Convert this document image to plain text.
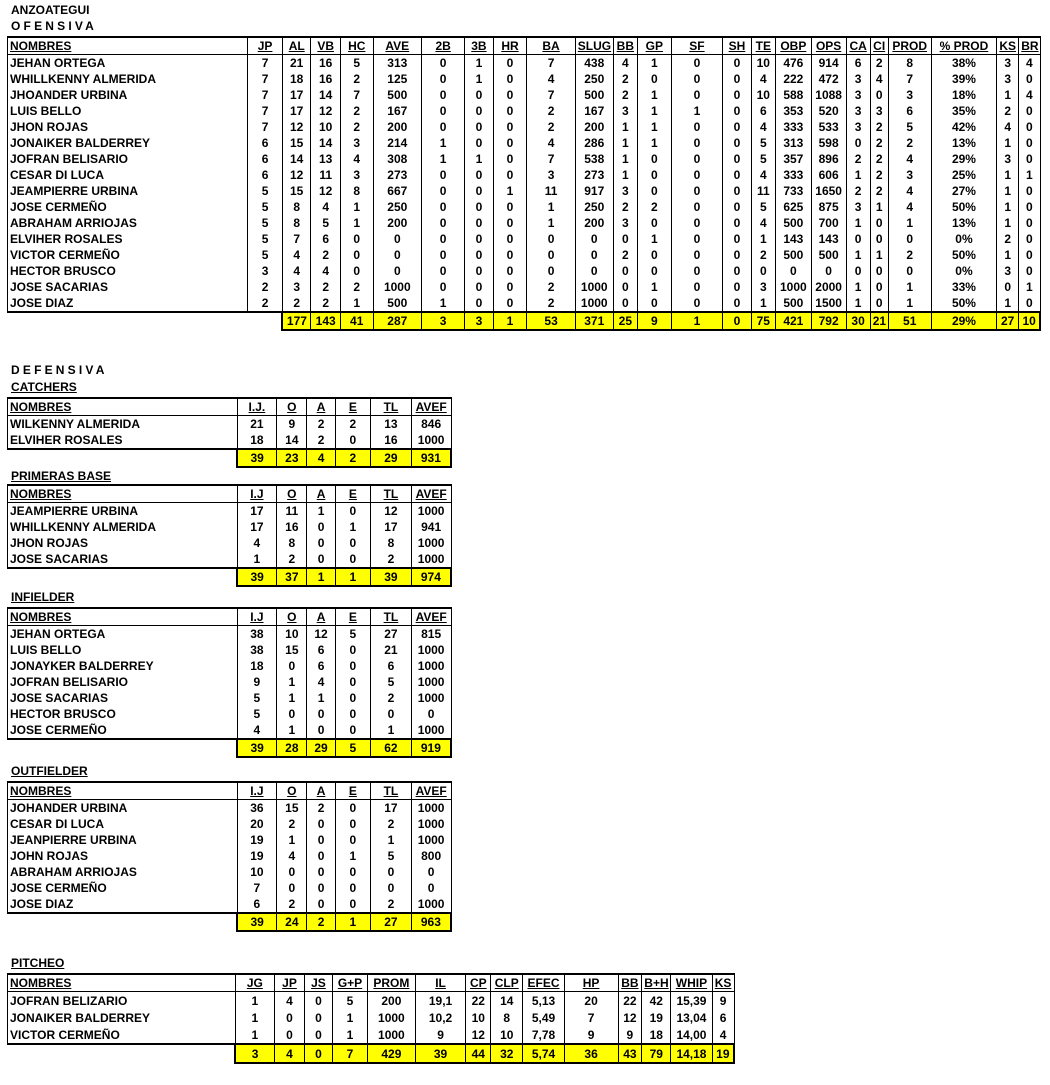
ANZOATEGUI
OFENSIVA
NOMBRES	JP	AL	VB	HC	AVE	2B	3B	HR	BA	SLUG	BB	GP	SF	SH	TE	OBP	OPS	CA	CI	PROD	% PROD	KS	BR
JEHAN ORTEGA	7	21	16	5	313	0	1	0	7	438	4	1	0	0	10	476	914	6	2	8	38%	3	4
WHILLKENNY ALMERIDA	7	18	16	2	125	0	1	0	4	250	2	0	0	0	4	222	472	3	4	7	39%	3	0
JHOANDER URBINA	7	17	14	7	500	0	0	0	7	500	2	1	0	0	10	588	1088	3	0	3	18%	1	4
LUIS BELLO	7	17	12	2	167	0	0	0	2	167	3	1	1	0	6	353	520	3	3	6	35%	2	0
JHON ROJAS	7	12	10	2	200	0	0	0	2	200	1	1	0	0	4	333	533	3	2	5	42%	4	0
JONAIKER BALDERREY	6	15	14	3	214	1	0	0	4	286	1	1	0	0	5	313	598	0	2	2	13%	1	0
JOFRAN BELISARIO	6	14	13	4	308	1	1	0	7	538	1	0	0	0	5	357	896	2	2	4	29%	3	0
CESAR DI LUCA	6	12	11	3	273	0	0	0	3	273	1	0	0	0	4	333	606	1	2	3	25%	1	1
JEAMPIERRE URBINA	5	15	12	8	667	0	0	1	11	917	3	0	0	0	11	733	1650	2	2	4	27%	1	0
JOSE CERMEÑO	5	8	4	1	250	0	0	0	1	250	2	2	0	0	5	625	875	3	1	4	50%	1	0
ABRAHAM ARRIOJAS	5	8	5	1	200	0	0	0	1	200	3	0	0	0	4	500	700	1	0	1	13%	1	0
ELVIHER ROSALES	5	7	6	0	0	0	0	0	0	0	0	1	0	0	1	143	143	0	0	0	0%	2	0
VICTOR CERMEÑO	5	4	2	0	0	0	0	0	0	0	2	0	0	0	2	500	500	1	1	2	50%	1	0
HECTOR BRUSCO	3	4	4	0	0	0	0	0	0	0	0	0	0	0	0	0	0	0	0	0	0%	3	0
JOSE SACARIAS	2	3	2	2	1000	0	0	0	2	1000	0	1	0	0	3	1000	2000	1	0	1	33%	0	1
JOSE DIAZ	2	2	2	1	500	1	0	0	2	1000	0	0	0	0	1	500	1500	1	0	1	50%	1	0
		177	143	41	287	3	3	1	53	371	25	9	1	0	75	421	792	30	21	51	29%	27	10
DEFENSIVA
CATCHERS
NOMBRES	I.J.	O	A	E	TL	AVEF
WILKENNY ALMERIDA	21	9	2	2	13	846
ELVIHER ROSALES	18	14	2	0	16	1000
	39	23	4	2	29	931
PRIMERAS BASE
NOMBRES	I.J	O	A	E	TL	AVEF
JEAMPIERRE URBINA	17	11	1	0	12	1000
WHILLKENNY ALMERIDA	17	16	0	1	17	941
JHON ROJAS	4	8	0	0	8	1000
JOSE SACARIAS	1	2	0	0	2	1000
	39	37	1	1	39	974
INFIELDER
NOMBRES	I.J	O	A	E	TL	AVEF
JEHAN ORTEGA	38	10	12	5	27	815
LUIS BELLO	38	15	6	0	21	1000
JONAYKER BALDERREY	18	0	6	0	6	1000
JOFRAN BELISARIO	9	1	4	0	5	1000
JOSE SACARIAS	5	1	1	0	2	1000
HECTOR BRUSCO	5	0	0	0	0	0
JOSE CERMEÑO	4	1	0	0	1	1000
	39	28	29	5	62	919
OUTFIELDER
NOMBRES	I.J	O	A	E	TL	AVEF
JOHANDER URBINA	36	15	2	0	17	1000
CESAR DI LUCA	20	2	0	0	2	1000
JEANPIERRE URBINA	19	1	0	0	1	1000
JOHN ROJAS	19	4	0	1	5	800
ABRAHAM ARRIOJAS	10	0	0	0	0	0
JOSE CERMEÑO	7	0	0	0	0	0
JOSE DIAZ	6	2	0	0	2	1000
	39	24	2	1	27	963
PITCHEO
NOMBRES	JG	JP	JS	G+P	PROM	IL	CP	CLP	EFEC	HP	BB	B+H	WHIP	KS
JOFRAN BELIZARIO	1	4	0	5	200	19,1	22	14	5,13	20	22	42	15,39	9
JONAIKER BALDERREY	1	0	0	1	1000	10,2	10	8	5,49	7	12	19	13,04	6
VICTOR CERMEÑO	1	0	0	1	1000	9	12	10	7,78	9	9	18	14,00	4
	3	4	0	7	429	39	44	32	5,74	36	43	79	14,18	19
